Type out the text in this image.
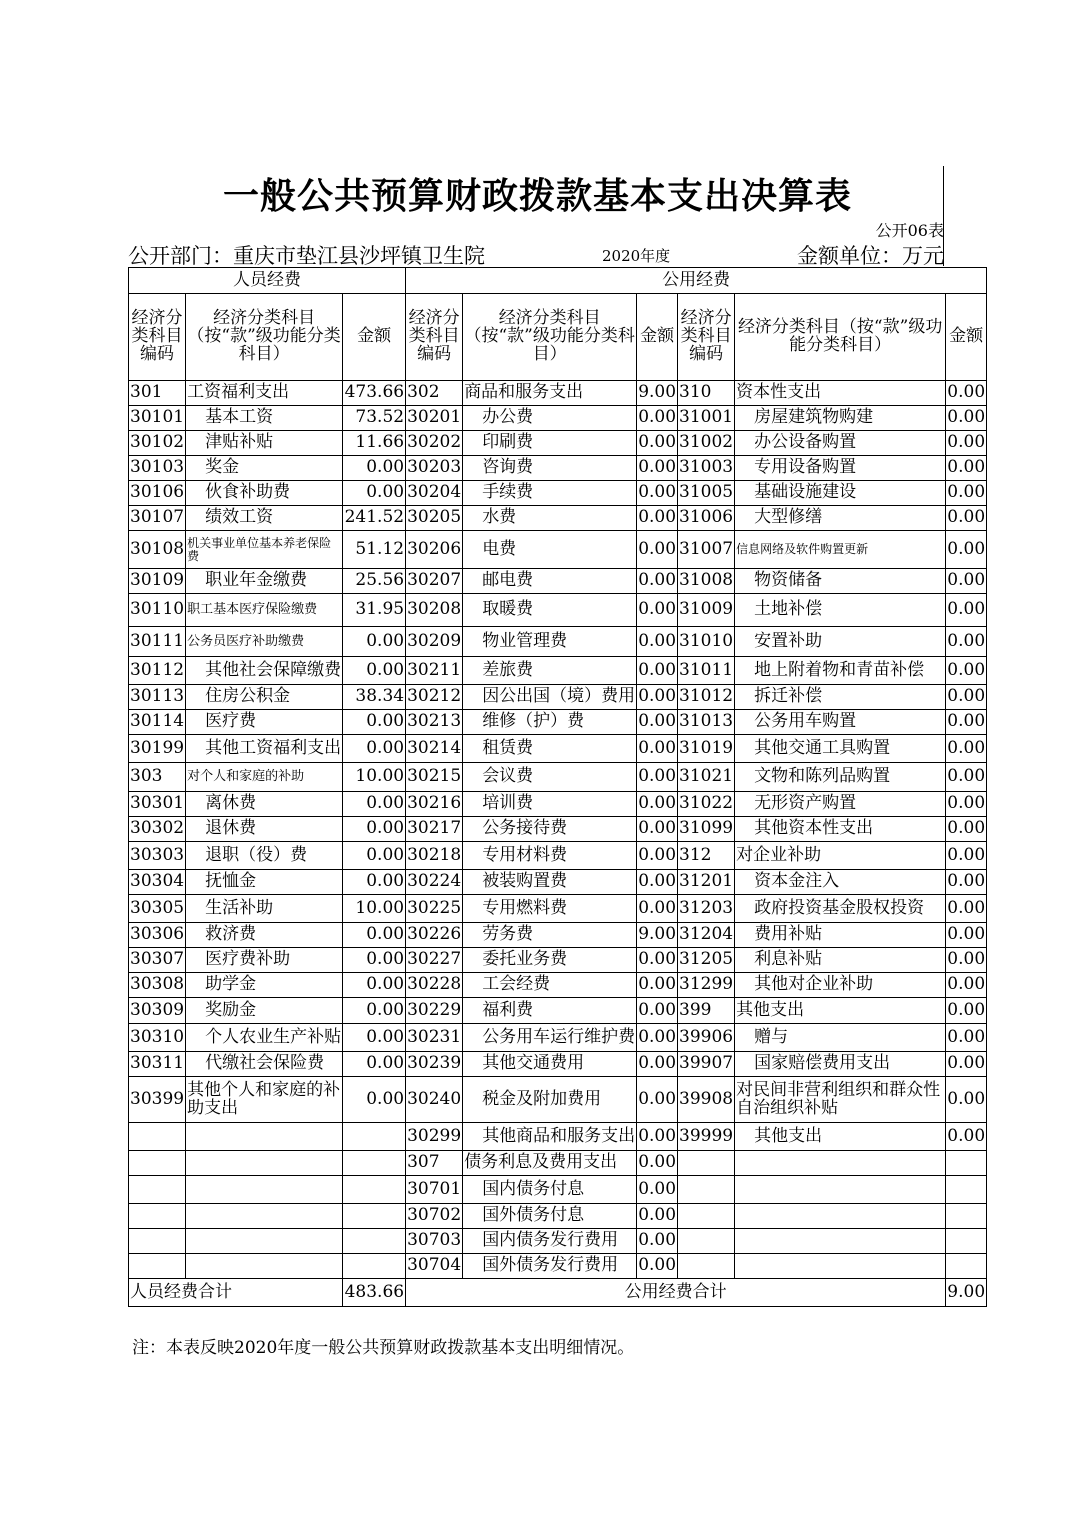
一般公共预算财政拨款基本支出决算表
公开06表
公开部门：重庆市垫江县沙坪镇卫生院	2020年度	金额单位：万元
人员经费			公用经费					
经济分类科目编码	经济分类科目（按“款”级功能分类科目）	金额	经济分类科目编码	经济分类科目（按“款”级功能分类科目）	金额	经济分类科目编码	经济分类科目（按“款”级功能分类科目）	金额
301	工资福利支出	473.66	302	商品和服务支出	9.00	310	资本性支出	0.00
30101	基本工资	73.52	30201	办公费	0.00	31001	房屋建筑物购建	0.00
30102	津贴补贴	11.66	30202	印刷费	0.00	31002	办公设备购置	0.00
30103	奖金	0.00	30203	咨询费	0.00	31003	专用设备购置	0.00
30106	伙食补助费	0.00	30204	手续费	0.00	31005	基础设施建设	0.00
30107	绩效工资	241.52	30205	水费	0.00	31006	大型修缮	0.00
30108	机关事业单位基本养老保险费	51.12	30206	电费	0.00	31007	信息网络及软件购置更新	0.00
30109	职业年金缴费	25.56	30207	邮电费	0.00	31008	物资储备	0.00
30110	职工基本医疗保险缴费	31.95	30208	取暖费	0.00	31009	土地补偿	0.00
30111	公务员医疗补助缴费	0.00	30209	物业管理费	0.00	31010	安置补助	0.00
30112	其他社会保障缴费	0.00	30211	差旅费	0.00	31011	地上附着物和青苗补偿	0.00
30113	住房公积金	38.34	30212	因公出国（境）费用	0.00	31012	拆迁补偿	0.00
30114	医疗费	0.00	30213	维修（护）费	0.00	31013	公务用车购置	0.00
30199	其他工资福利支出	0.00	30214	租赁费	0.00	31019	其他交通工具购置	0.00
303	对个人和家庭的补助	10.00	30215	会议费	0.00	31021	文物和陈列品购置	0.00
30301	离休费	0.00	30216	培训费	0.00	31022	无形资产购置	0.00
30302	退休费	0.00	30217	公务接待费	0.00	31099	其他资本性支出	0.00
30303	退职（役）费	0.00	30218	专用材料费	0.00	312	对企业补助	0.00
30304	抚恤金	0.00	30224	被装购置费	0.00	31201	资本金注入	0.00
30305	生活补助	10.00	30225	专用燃料费	0.00	31203	政府投资基金股权投资	0.00
30306	救济费	0.00	30226	劳务费	9.00	31204	费用补贴	0.00
30307	医疗费补助	0.00	30227	委托业务费	0.00	31205	利息补贴	0.00
30308	助学金	0.00	30228	工会经费	0.00	31299	其他对企业补助	0.00
30309	奖励金	0.00	30229	福利费	0.00	399	其他支出	0.00
30310	个人农业生产补贴	0.00	30231	公务用车运行维护费	0.00	39906	赠与	0.00
30311	代缴社会保险费	0.00	30239	其他交通费用	0.00	39907	国家赔偿费用支出	0.00
30399	其他个人和家庭的补助支出	0.00	30240	税金及附加费用	0.00	39908	对民间非营利组织和群众性自治组织补贴	0.00
			30299	其他商品和服务支出	0.00	39999	其他支出	0.00
			307	债务利息及费用支出	0.00			
			30701	国内债务付息	0.00			
			30702	国外债务付息	0.00			
			30703	国内债务发行费用	0.00			
			30704	国外债务发行费用	0.00			
人员经费合计		483.66	公用经费合计					9.00
注：本表反映2020年度一般公共预算财政拨款基本支出明细情况。
